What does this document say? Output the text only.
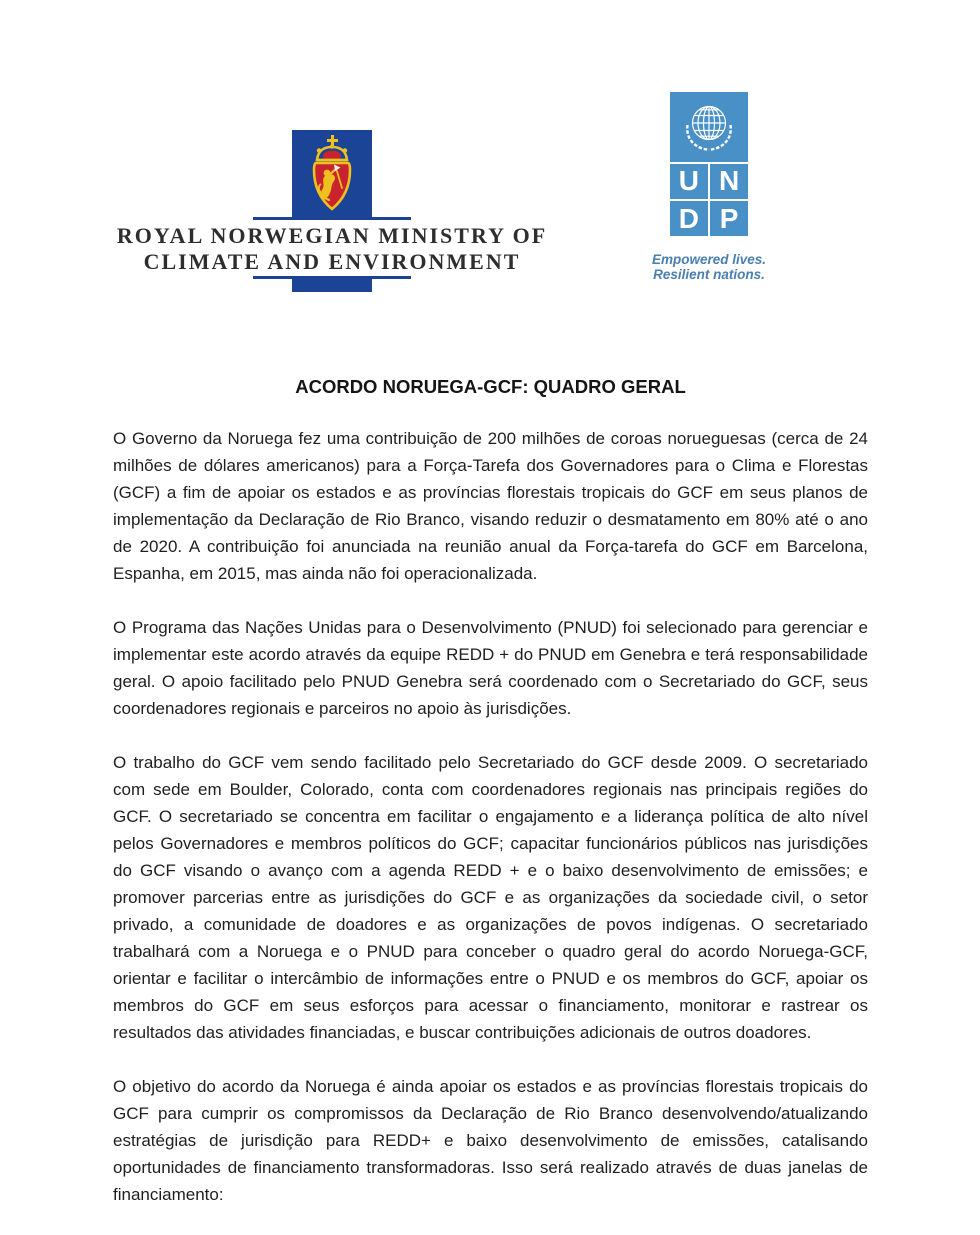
ROYAL NORWEGIAN MINISTRY OF
CLIMATE AND ENVIRONMENT
U N
D P
Empowered lives.
Resilient nations.
ACORDO NORUEGA-GCF: QUADRO GERAL

O Governo da Noruega fez uma contribuição de 200 milhões de coroas norueguesas (cerca de 24 milhões de dólares americanos) para a Força-Tarefa dos Governadores para o Clima e Florestas (GCF) a fim de apoiar os estados e as províncias florestais tropicais do GCF em seus planos de implementação da Declaração de Rio Branco, visando reduzir o desmatamento em 80% até o ano de 2020. A contribuição foi anunciada na reunião anual da Força-tarefa do GCF em Barcelona, Espanha, em 2015, mas ainda não foi operacionalizada.

O Programa das Nações Unidas para o Desenvolvimento (PNUD) foi selecionado para gerenciar e implementar este acordo através da equipe REDD + do PNUD em Genebra e terá responsabilidade geral. O apoio facilitado pelo PNUD Genebra será coordenado com o Secretariado do GCF, seus coordenadores regionais e parceiros no apoio às jurisdições.

O trabalho do GCF vem sendo facilitado pelo Secretariado do GCF desde 2009. O secretariado com sede em Boulder, Colorado, conta com coordenadores regionais nas principais regiões do GCF. O secretariado se concentra em facilitar o engajamento e a liderança política de alto nível pelos Governadores e membros políticos do GCF; capacitar funcionários públicos nas jurisdições do GCF visando o avanço com a agenda REDD + e o baixo desenvolvimento de emissões; e promover parcerias entre as jurisdições do GCF e as organizações da sociedade civil, o setor privado, a comunidade de doadores e as organizações de povos indígenas. O secretariado trabalhará com a Noruega e o PNUD para conceber o quadro geral do acordo Noruega-GCF, orientar e facilitar o intercâmbio de informações entre o PNUD e os membros do GCF, apoiar os membros do GCF em seus esforços para acessar o financiamento, monitorar e rastrear os resultados das atividades financiadas, e buscar contribuições adicionais de outros doadores.

O objetivo do acordo da Noruega é ainda apoiar os estados e as províncias florestais tropicais do GCF para cumprir os compromissos da Declaração de Rio Branco desenvolvendo/atualizando estratégias de jurisdição para REDD+ e baixo desenvolvimento de emissões, catalisando oportunidades de financiamento transformadoras. Isso será realizado através de duas janelas de financiamento:
